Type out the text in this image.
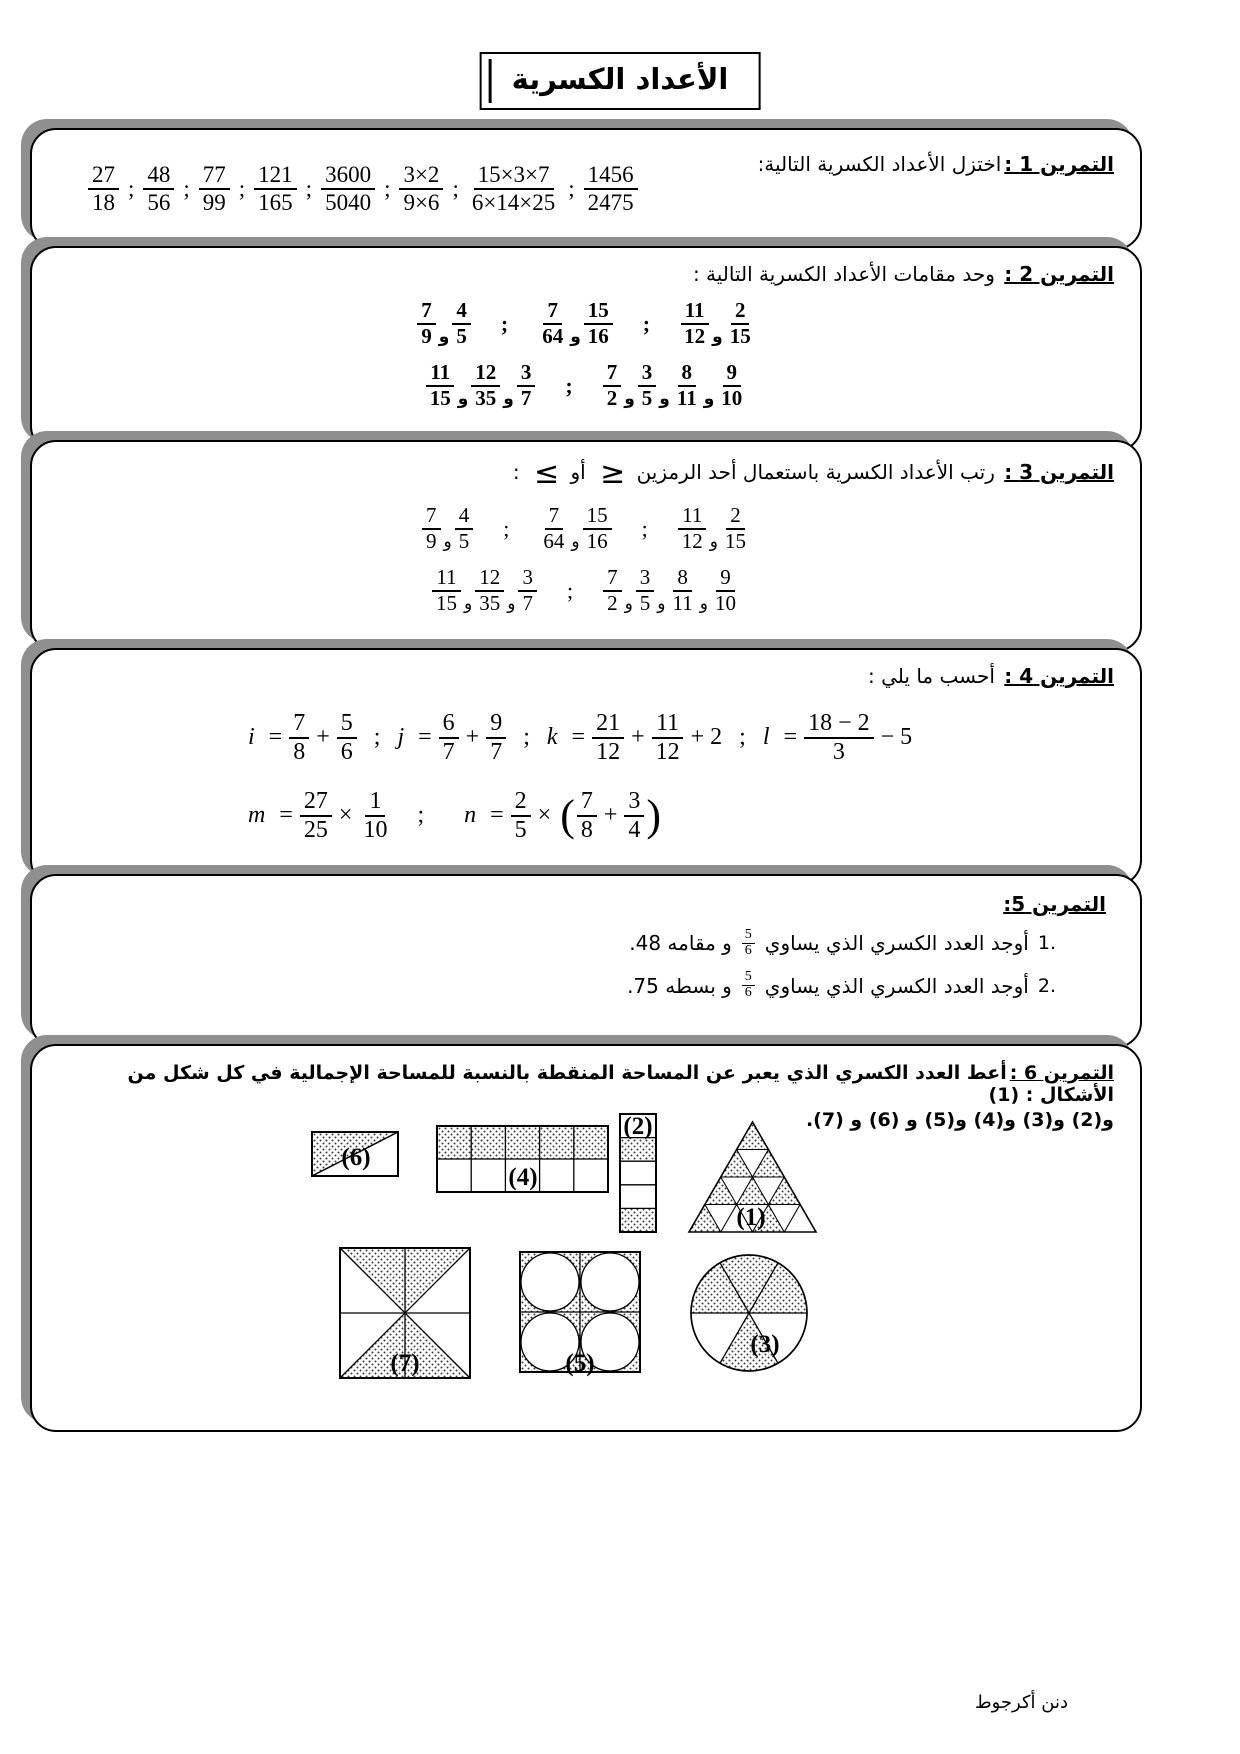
الأعداد الكسرية
التمرين 1 :اختزل الأعداد الكسرية التالية:
$\frac{27}{18}$ ; $\frac{48}{56}$ ; $\frac{77}{99}$ ; $\frac{121}{165}$ ; $\frac{3600}{5040}$ ; $\frac{3\times 2}{9\times 6}$ ; $\frac{15\times 3\times 7}{6\times 14\times 25}$ ; $\frac{1456}{2475}$
التمرين 2 : وحد مقامات الأعداد الكسرية التالية :
$\frac{7}{9}$ و $\frac{4}{5}$ ; $\frac{7}{64}$ و $\frac{15}{16}$ ; $\frac{11}{12}$ و $\frac{2}{15}$
$\frac{11}{15}$ و $\frac{12}{35}$ و $\frac{3}{7}$ ; $\frac{7}{2}$ و $\frac{3}{5}$ و $\frac{8}{11}$ و $\frac{9}{10}$
التمرين 3 : رتب الأعداد الكسرية باستعمال أحد الرمزين ≥ أو ≤ :
$\frac{7}{9}$ و $\frac{4}{5}$ ; $\frac{7}{64}$ و $\frac{15}{16}$ ; $\frac{11}{12}$ و $\frac{2}{15}$
$\frac{11}{15}$ و $\frac{12}{35}$ و $\frac{3}{7}$ ; $\frac{7}{2}$ و $\frac{3}{5}$ و $\frac{8}{11}$ و $\frac{9}{10}$
التمرين 4 : أحسب ما يلي :
$i = \frac{7}{8} + \frac{5}{6}$ ; $j = \frac{6}{7} + \frac{9}{7}$ ; $k = \frac{21}{12} + \frac{11}{12} + 2$ ; $l = \frac{18 - 2}{3} - 5$
$m = \frac{27}{25} \times \frac{1}{10}$ ; $n = \frac{2}{5}$ × ( $\frac{7}{8} + \frac{3}{4}$ )
التمرين 5:
1.
أوجد العدد الكسري الذي يساوي
$\frac{5}{6}$
و مقامه 48.
2.
أوجد العدد الكسري الذي يساوي
$\frac{5}{6}$
و بسطه 75.
التمرين 6 :أعط العدد الكسري الذي يعبر عن المساحة المنقطة بالنسبة للمساحة الإجمالية في كل شكل من الأشكال : (1)
و(2) و(3) و(4) و(5) و (6) و (7).
(6)
(4)
(2)
(1)
(7)	(5)
(3)
دنن أكرجوط
